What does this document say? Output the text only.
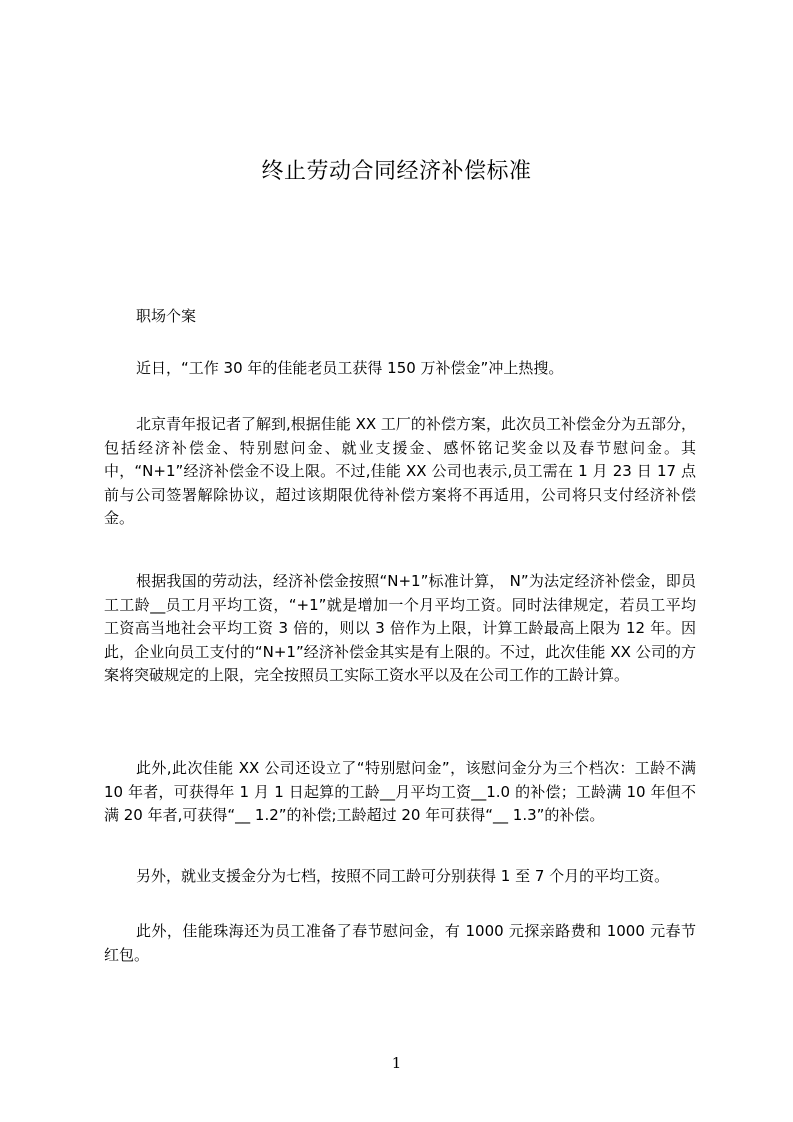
终止劳动合同经济补偿标准

职场个案

近日，“工作 30 年的佳能老员工获得 150 万补偿金”冲上热搜。

北京青年报记者了解到,根据佳能 XX 工厂的补偿方案，此次员工补偿金分为五部分，包括经济补偿金、特别慰问金、就业支援金、感怀铭记奖金以及春节慰问金。其中，“N+1”经济补偿金不设上限。不过,佳能 XX 公司也表示,员工需在 1 月 23 日 17 点前与公司签署解除协议，超过该期限优待补偿方案将不再适用，公司将只支付经济补偿金。

根据我国的劳动法，经济补偿金按照“N+1”标准计算， N”为法定经济补偿金，即员工工龄__员工月平均工资，“+1”就是增加一个月平均工资。同时法律规定，若员工平均工资高当地社会平均工资 3 倍的，则以 3 倍作为上限，计算工龄最高上限为 12 年。因此，企业向员工支付的“N+1”经济补偿金其实是有上限的。不过，此次佳能 XX 公司的方案将突破规定的上限，完全按照员工实际工资水平以及在公司工作的工龄计算。

此外,此次佳能 XX 公司还设立了“特别慰问金”，该慰问金分为三个档次：工龄不满 10 年者，可获得年 1 月 1 日起算的工龄__月平均工资__1.0 的补偿；工龄满 10 年但不满 20 年者,可获得“__ 1.2”的补偿;工龄超过 20 年可获得“__ 1.3”的补偿。

另外，就业支援金分为七档，按照不同工龄可分别获得 1 至 7 个月的平均工资。

此外，佳能珠海还为员工准备了春节慰问金，有 1000 元探亲路费和 1000 元春节红包。

1
